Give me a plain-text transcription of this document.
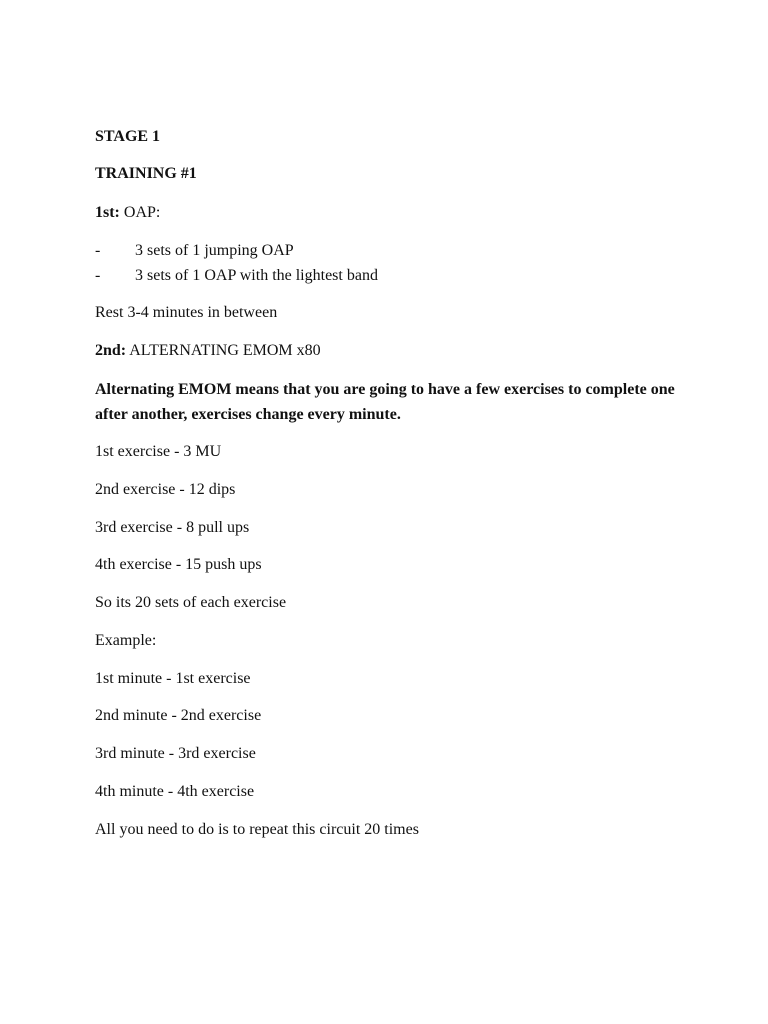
STAGE 1

TRAINING #1

1st: OAP:

- 3 sets of 1 jumping OAP
- 3 sets of 1 OAP with the lightest band

Rest 3-4 minutes in between

2nd: ALTERNATING EMOM x80

Alternating EMOM means that you are going to have a few exercises to complete one after another, exercises change every minute.

1st exercise - 3 MU

2nd exercise - 12 dips

3rd exercise - 8 pull ups

4th exercise - 15 push ups

So its 20 sets of each exercise

Example:

1st minute - 1st exercise

2nd minute - 2nd exercise

3rd minute - 3rd exercise

4th minute - 4th exercise

All you need to do is to repeat this circuit 20 times
